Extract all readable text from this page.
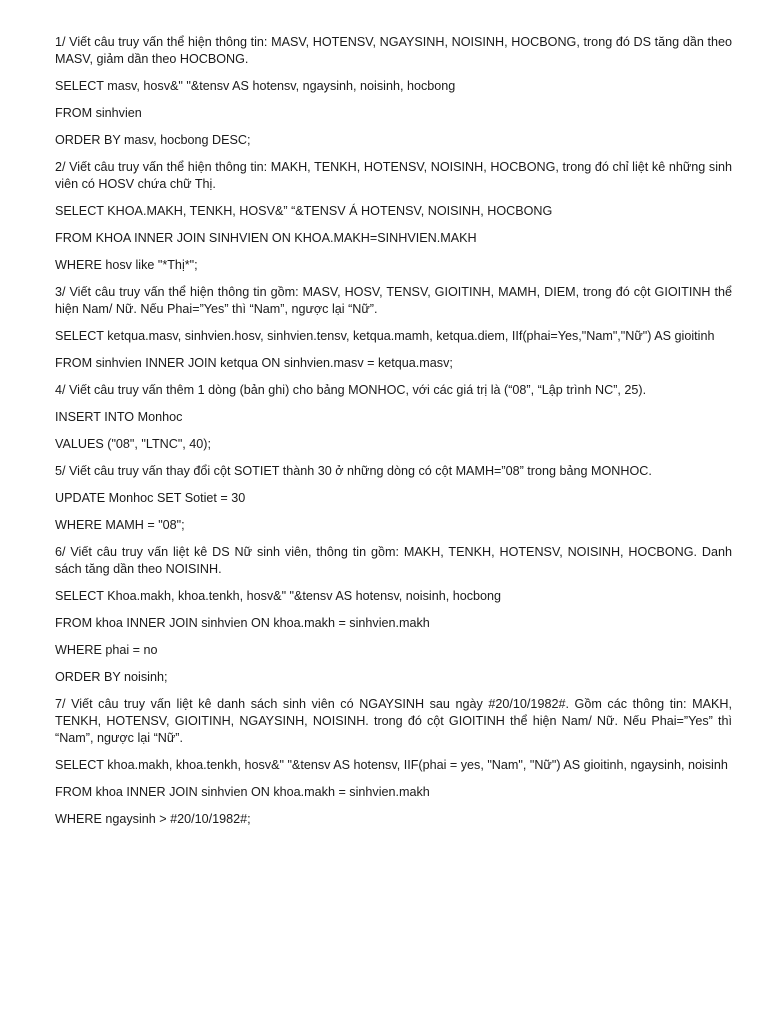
1/ Viết câu truy vấn thể hiện thông tin: MASV, HOTENSV, NGAYSINH, NOISINH, HOCBONG, trong đó DS tăng dần theo MASV, giảm dần theo HOCBONG.

SELECT masv, hosv&" "&tensv AS hotensv, ngaysinh, noisinh, hocbong

FROM sinhvien

ORDER BY masv, hocbong DESC;

2/ Viết câu truy vấn thể hiện thông tin: MAKH, TENKH, HOTENSV, NOISINH, HOCBONG, trong đó chỉ liệt kê những sinh viên có HOSV chứa chữ Thị.

SELECT KHOA.MAKH, TENKH, HOSV&” “&TENSV Á HOTENSV, NOISINH, HOCBONG

FROM KHOA INNER JOIN SINHVIEN ON KHOA.MAKH=SINHVIEN.MAKH

WHERE hosv like "*Thị*";

3/ Viết câu truy vấn thể hiện thông tin gồm: MASV, HOSV, TENSV, GIOITINH, MAMH, DIEM, trong đó cột GIOITINH thể hiện Nam/ Nữ. Nếu Phai=”Yes” thì “Nam”, ngược lại “Nữ”.

SELECT ketqua.masv, sinhvien.hosv, sinhvien.tensv, ketqua.mamh, ketqua.diem, IIf(phai=Yes,"Nam","Nữ") AS gioitinh

FROM sinhvien INNER JOIN ketqua ON sinhvien.masv = ketqua.masv;

4/ Viết câu truy vấn thêm 1 dòng (bản ghi) cho bảng MONHOC, với các giá trị là (“08”, “Lập trình NC”, 25).

INSERT INTO Monhoc

VALUES ("08", "LTNC", 40);

5/ Viết câu truy vấn thay đổi cột SOTIET thành 30 ở những dòng có cột MAMH=”08” trong bảng MONHOC.

UPDATE Monhoc SET Sotiet = 30

WHERE MAMH = "08";

6/ Viết câu truy vấn liệt kê DS Nữ sinh viên, thông tin gồm: MAKH, TENKH, HOTENSV, NOISINH, HOCBONG. Danh sách tăng dần theo NOISINH.

SELECT Khoa.makh, khoa.tenkh, hosv&" "&tensv AS hotensv, noisinh, hocbong

FROM khoa INNER JOIN sinhvien ON khoa.makh = sinhvien.makh

WHERE phai = no

ORDER BY noisinh;

7/ Viết câu truy vấn liệt kê danh sách sinh viên có NGAYSINH sau ngày #20/10/1982#. Gồm các thông tin: MAKH, TENKH, HOTENSV, GIOITINH, NGAYSINH, NOISINH. trong đó cột GIOITINH thể hiện Nam/ Nữ. Nếu Phai=”Yes” thì “Nam”, ngược lại “Nữ”.

SELECT khoa.makh, khoa.tenkh, hosv&" "&tensv AS hotensv, IIF(phai = yes, "Nam", "Nữ") AS gioitinh, ngaysinh, noisinh

FROM khoa INNER JOIN sinhvien ON khoa.makh = sinhvien.makh

WHERE ngaysinh > #20/10/1982#;
